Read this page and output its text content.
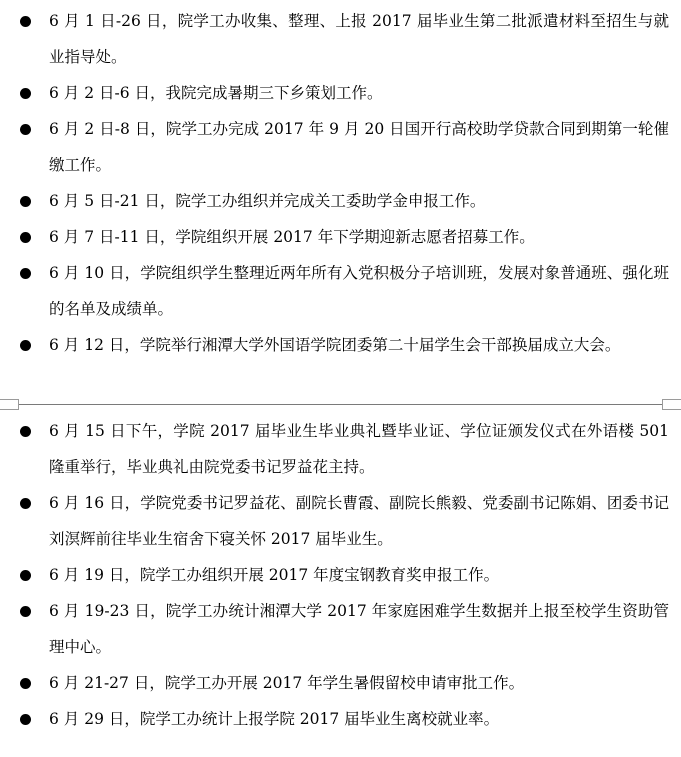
6 月 1 日-26 日，院学工办收集、整理、上报 2017 届毕业生第二批派遣材料至招生与就业指导处。
6 月 2 日-6 日，我院完成暑期三下乡策划工作。
6 月 2 日-8 日，院学工办完成 2017 年 9 月 20 日国开行高校助学贷款合同到期第一轮催缴工作。
6 月 5 日-21 日，院学工办组织并完成关工委助学金申报工作。
6 月 7 日-11 日，学院组织开展 2017 年下学期迎新志愿者招募工作。
6 月 10 日，学院组织学生整理近两年所有入党积极分子培训班，发展对象普通班、强化班的名单及成绩单。
6 月 12 日，学院举行湘潭大学外国语学院团委第二十届学生会干部换届成立大会。
6 月 15 日下午，学院 2017 届毕业生毕业典礼暨毕业证、学位证颁发仪式在外语楼 501 隆重举行，毕业典礼由院党委书记罗益花主持。
6 月 16 日，学院党委书记罗益花、副院长曹霞、副院长熊毅、党委副书记陈娟、团委书记刘溟辉前往毕业生宿舍下寝关怀 2017 届毕业生。
6 月 19 日，院学工办组织开展 2017 年度宝钢教育奖申报工作。
6 月 19-23 日，院学工办统计湘潭大学 2017 年家庭困难学生数据并上报至校学生资助管理中心。
6 月 21-27 日，院学工办开展 2017 年学生暑假留校申请审批工作。
6 月 29 日，院学工办统计上报学院 2017 届毕业生离校就业率。
